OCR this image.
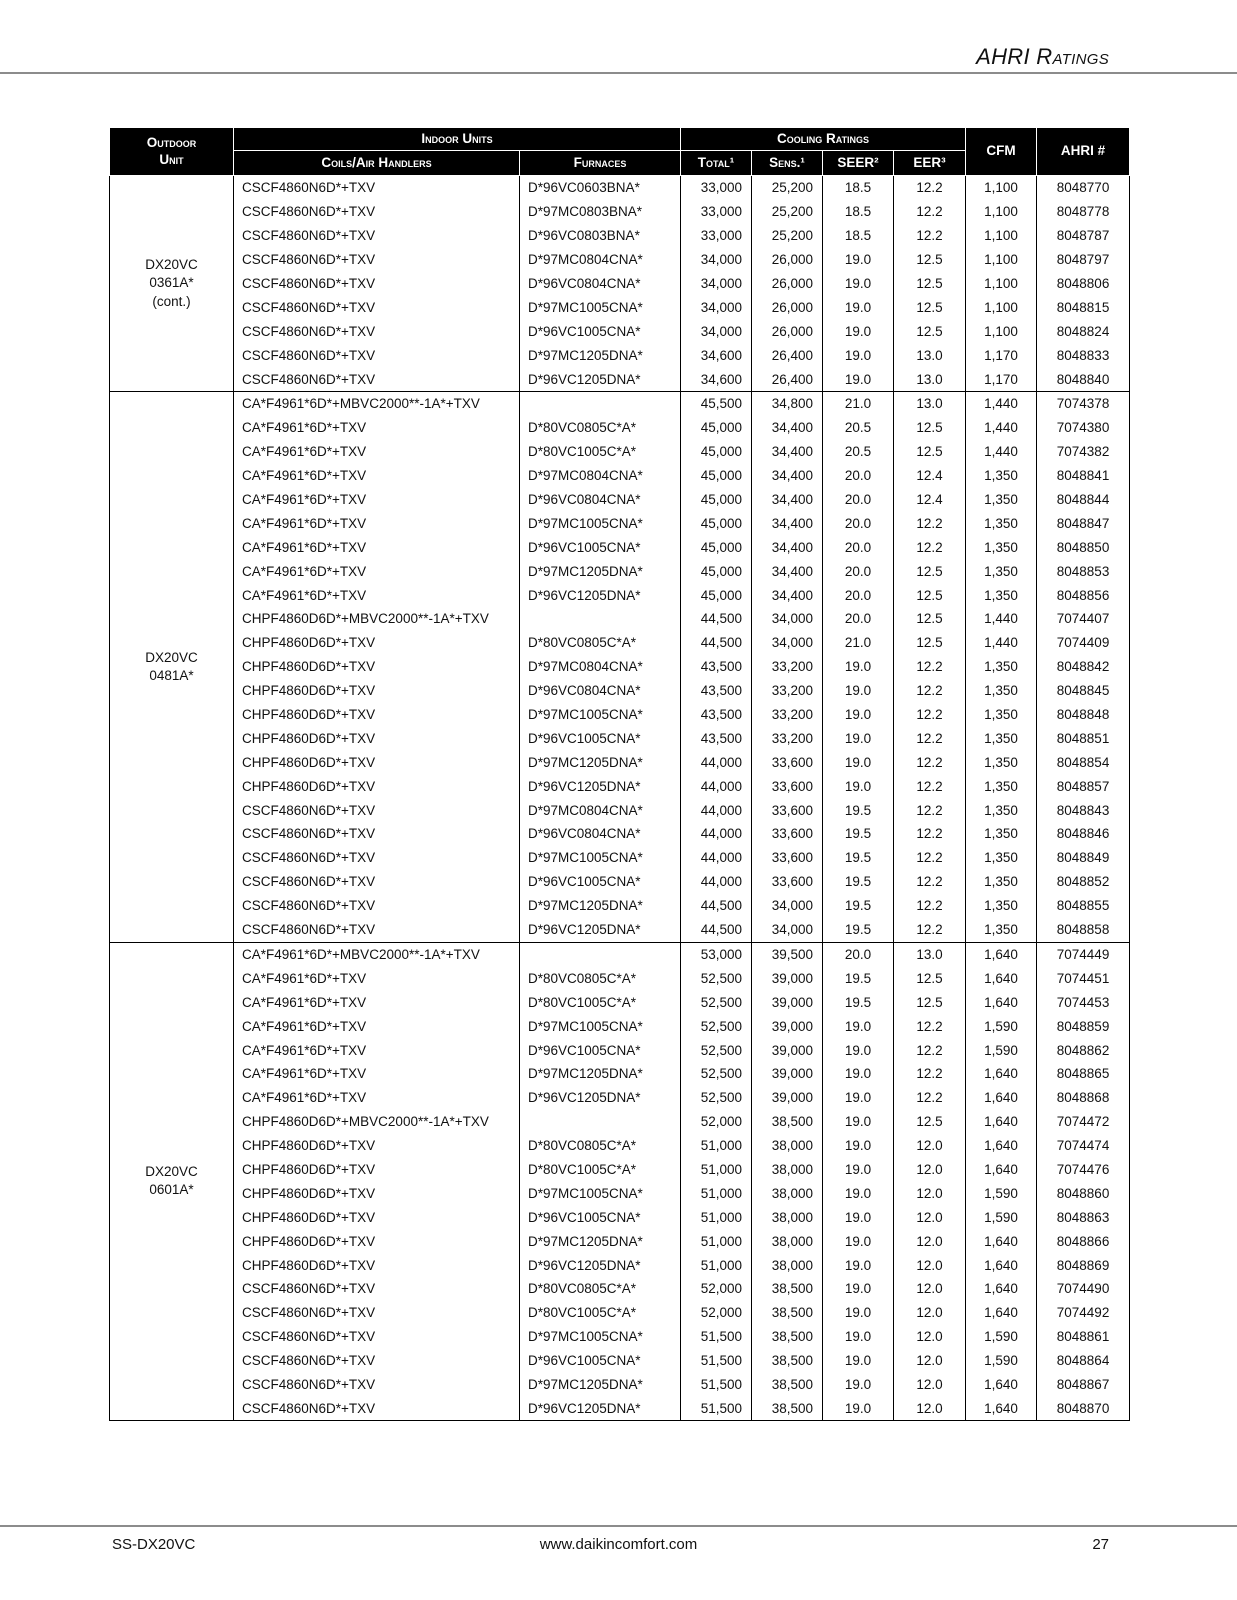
AHRI Ratings
Outdoor
Unit	Indoor Units		Cooling Ratings				CFM	AHRI #
	Coils/Air Handlers	Furnaces	Total¹	Sens.¹	SEER²	EER³		
DX20VC
0361A*
(cont.)	CSCF4860N6D*+TXV	D*96VC0603BNA*	33,000	25,200	18.5	12.2	1,100	8048770
	CSCF4860N6D*+TXV	D*97MC0803BNA*	33,000	25,200	18.5	12.2	1,100	8048778
	CSCF4860N6D*+TXV	D*96VC0803BNA*	33,000	25,200	18.5	12.2	1,100	8048787
	CSCF4860N6D*+TXV	D*97MC0804CNA*	34,000	26,000	19.0	12.5	1,100	8048797
	CSCF4860N6D*+TXV	D*96VC0804CNA*	34,000	26,000	19.0	12.5	1,100	8048806
	CSCF4860N6D*+TXV	D*97MC1005CNA*	34,000	26,000	19.0	12.5	1,100	8048815
	CSCF4860N6D*+TXV	D*96VC1005CNA*	34,000	26,000	19.0	12.5	1,100	8048824
	CSCF4860N6D*+TXV	D*97MC1205DNA*	34,600	26,400	19.0	13.0	1,170	8048833
	CSCF4860N6D*+TXV	D*96VC1205DNA*	34,600	26,400	19.0	13.0	1,170	8048840
DX20VC
0481A*	CA*F4961*6D*+MBVC2000**-1A*+TXV		45,500	34,800	21.0	13.0	1,440	7074378
	CA*F4961*6D*+TXV	D*80VC0805C*A*	45,000	34,400	20.5	12.5	1,440	7074380
	CA*F4961*6D*+TXV	D*80VC1005C*A*	45,000	34,400	20.5	12.5	1,440	7074382
	CA*F4961*6D*+TXV	D*97MC0804CNA*	45,000	34,400	20.0	12.4	1,350	8048841
	CA*F4961*6D*+TXV	D*96VC0804CNA*	45,000	34,400	20.0	12.4	1,350	8048844
	CA*F4961*6D*+TXV	D*97MC1005CNA*	45,000	34,400	20.0	12.2	1,350	8048847
	CA*F4961*6D*+TXV	D*96VC1005CNA*	45,000	34,400	20.0	12.2	1,350	8048850
	CA*F4961*6D*+TXV	D*97MC1205DNA*	45,000	34,400	20.0	12.5	1,350	8048853
	CA*F4961*6D*+TXV	D*96VC1205DNA*	45,000	34,400	20.0	12.5	1,350	8048856
	CHPF4860D6D*+MBVC2000**-1A*+TXV		44,500	34,000	20.0	12.5	1,440	7074407
	CHPF4860D6D*+TXV	D*80VC0805C*A*	44,500	34,000	21.0	12.5	1,440	7074409
	CHPF4860D6D*+TXV	D*97MC0804CNA*	43,500	33,200	19.0	12.2	1,350	8048842
	CHPF4860D6D*+TXV	D*96VC0804CNA*	43,500	33,200	19.0	12.2	1,350	8048845
	CHPF4860D6D*+TXV	D*97MC1005CNA*	43,500	33,200	19.0	12.2	1,350	8048848
	CHPF4860D6D*+TXV	D*96VC1005CNA*	43,500	33,200	19.0	12.2	1,350	8048851
	CHPF4860D6D*+TXV	D*97MC1205DNA*	44,000	33,600	19.0	12.2	1,350	8048854
	CHPF4860D6D*+TXV	D*96VC1205DNA*	44,000	33,600	19.0	12.2	1,350	8048857
	CSCF4860N6D*+TXV	D*97MC0804CNA*	44,000	33,600	19.5	12.2	1,350	8048843
	CSCF4860N6D*+TXV	D*96VC0804CNA*	44,000	33,600	19.5	12.2	1,350	8048846
	CSCF4860N6D*+TXV	D*97MC1005CNA*	44,000	33,600	19.5	12.2	1,350	8048849
	CSCF4860N6D*+TXV	D*96VC1005CNA*	44,000	33,600	19.5	12.2	1,350	8048852
	CSCF4860N6D*+TXV	D*97MC1205DNA*	44,500	34,000	19.5	12.2	1,350	8048855
	CSCF4860N6D*+TXV	D*96VC1205DNA*	44,500	34,000	19.5	12.2	1,350	8048858
DX20VC
0601A*	CA*F4961*6D*+MBVC2000**-1A*+TXV		53,000	39,500	20.0	13.0	1,640	7074449
	CA*F4961*6D*+TXV	D*80VC0805C*A*	52,500	39,000	19.5	12.5	1,640	7074451
	CA*F4961*6D*+TXV	D*80VC1005C*A*	52,500	39,000	19.5	12.5	1,640	7074453
	CA*F4961*6D*+TXV	D*97MC1005CNA*	52,500	39,000	19.0	12.2	1,590	8048859
	CA*F4961*6D*+TXV	D*96VC1005CNA*	52,500	39,000	19.0	12.2	1,590	8048862
	CA*F4961*6D*+TXV	D*97MC1205DNA*	52,500	39,000	19.0	12.2	1,640	8048865
	CA*F4961*6D*+TXV	D*96VC1205DNA*	52,500	39,000	19.0	12.2	1,640	8048868
	CHPF4860D6D*+MBVC2000**-1A*+TXV		52,000	38,500	19.0	12.5	1,640	7074472
	CHPF4860D6D*+TXV	D*80VC0805C*A*	51,000	38,000	19.0	12.0	1,640	7074474
	CHPF4860D6D*+TXV	D*80VC1005C*A*	51,000	38,000	19.0	12.0	1,640	7074476
	CHPF4860D6D*+TXV	D*97MC1005CNA*	51,000	38,000	19.0	12.0	1,590	8048860
	CHPF4860D6D*+TXV	D*96VC1005CNA*	51,000	38,000	19.0	12.0	1,590	8048863
	CHPF4860D6D*+TXV	D*97MC1205DNA*	51,000	38,000	19.0	12.0	1,640	8048866
	CHPF4860D6D*+TXV	D*96VC1205DNA*	51,000	38,000	19.0	12.0	1,640	8048869
	CSCF4860N6D*+TXV	D*80VC0805C*A*	52,000	38,500	19.0	12.0	1,640	7074490
	CSCF4860N6D*+TXV	D*80VC1005C*A*	52,000	38,500	19.0	12.0	1,640	7074492
	CSCF4860N6D*+TXV	D*97MC1005CNA*	51,500	38,500	19.0	12.0	1,590	8048861
	CSCF4860N6D*+TXV	D*96VC1005CNA*	51,500	38,500	19.0	12.0	1,590	8048864
	CSCF4860N6D*+TXV	D*97MC1205DNA*	51,500	38,500	19.0	12.0	1,640	8048867
	CSCF4860N6D*+TXV	D*96VC1205DNA*	51,500	38,500	19.0	12.0	1,640	8048870
SS-DX20VC	www.daikincomfort.com	27
